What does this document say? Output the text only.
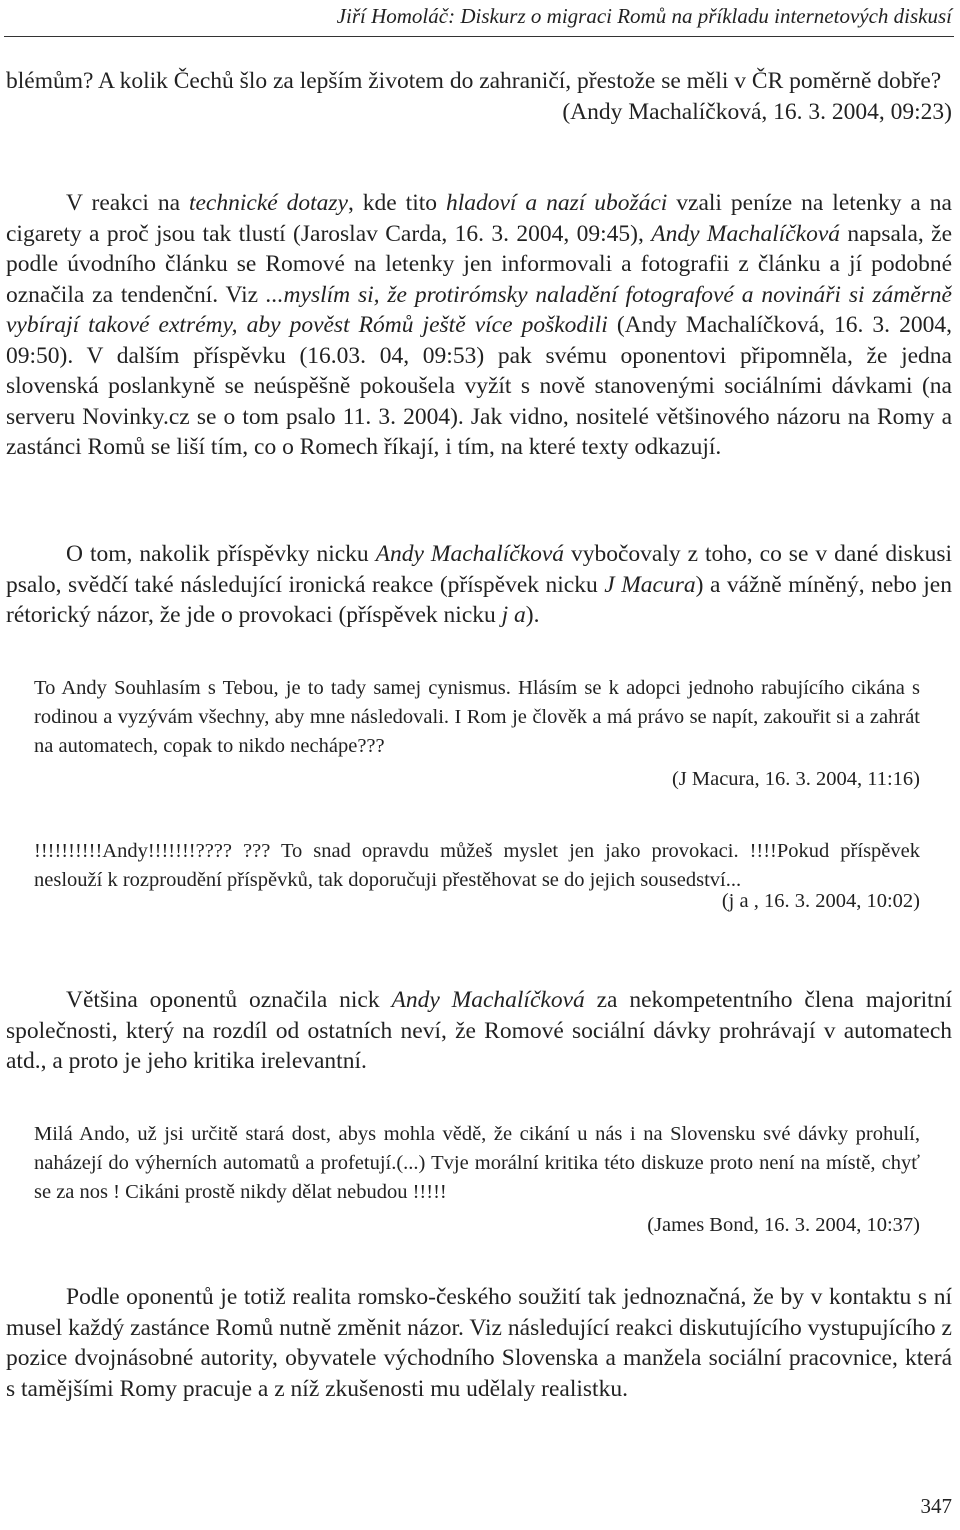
Jiří Homoláč: Diskurz o migraci Romů na příkladu internetových diskusí

blémům? A kolik Čechů šlo za lepším životem do zahraničí, přestože se měli v ČR poměrně dobře?

(Andy Machalíčková, 16. 3. 2004, 09:23)

V reakci na technické dotazy, kde tito hladoví a nazí ubožáci vzali peníze na letenky a na cigarety a proč jsou tak tlustí (Jaroslav Carda, 16. 3. 2004, 09:45), Andy Machalíčková napsala, že podle úvodního článku se Romové na letenky jen informovali a fotografii z článku a jí podobné označila za tendenční. Viz ...myslím si, že protirómsky naladění fotografové a novináři si záměrně vybírají takové extrémy, aby pověst Rómů ještě více poškodili (Andy Machalíčková, 16. 3. 2004, 09:50). V dalším příspěvku (16.03. 04, 09:53) pak svému oponentovi připomněla, že jedna slovenská poslankyně se neúspěšně pokoušela vyžít s nově stanovenými sociálními dávkami (na serveru Novinky.cz se o tom psalo 11. 3. 2004). Jak vidno, nositelé většinového názoru na Romy a zastánci Romů se liší tím, co o Romech říkají, i tím, na které texty odkazují.

O tom, nakolik příspěvky nicku Andy Machalíčková vybočovaly z toho, co se v dané diskusi psalo, svědčí také následující ironická reakce (příspěvek nicku J Macura) a vážně míněný, nebo jen rétorický názor, že jde o provokaci (příspěvek nicku j a).

To Andy Souhlasím s Tebou, je to tady samej cynismus. Hlásím se k adopci jednoho rabujícího cikána s rodinou a vyzývám všechny, aby mne následovali. I Rom je člověk a má právo se napít, zakouřit si a zahrát na automatech, copak to nikdo nechápe???

(J Macura, 16. 3. 2004, 11:16)

!!!!!!!!!!Andy!!!!!!!???? ??? To snad opravdu můžeš myslet jen jako provokaci. !!!!Pokud příspěvek neslouží k rozproudění příspěvků, tak doporučuji přestěhovat se do jejich sousedství...

(j a , 16. 3. 2004, 10:02)

Většina oponentů označila nick Andy Machalíčková za nekompetentního člena majoritní společnosti, který na rozdíl od ostatních neví, že Romové sociální dávky prohrávají v automatech atd., a proto je jeho kritika irelevantní.

Milá Ando, už jsi určitě stará dost, abys mohla vědě, že cikání u nás i na Slovensku své dávky prohulí, naházejí do výherních automatů a profetují.(...) Tvje morální kritika této diskuze proto není na místě, chyť se za nos ! Cikáni prostě nikdy dělat nebudou !!!!!

(James Bond, 16. 3. 2004, 10:37)

Podle oponentů je totiž realita romsko-českého soužití tak jednoznačná, že by v kontaktu s ní musel každý zastánce Romů nutně změnit názor. Viz následující reakci diskutujícího vystupujícího z pozice dvojnásobné autority, obyvatele východního Slovenska a manžela sociální pracovnice, která s tamějšími Romy pracuje a z níž zkušenosti mu udělaly realistku.

347
